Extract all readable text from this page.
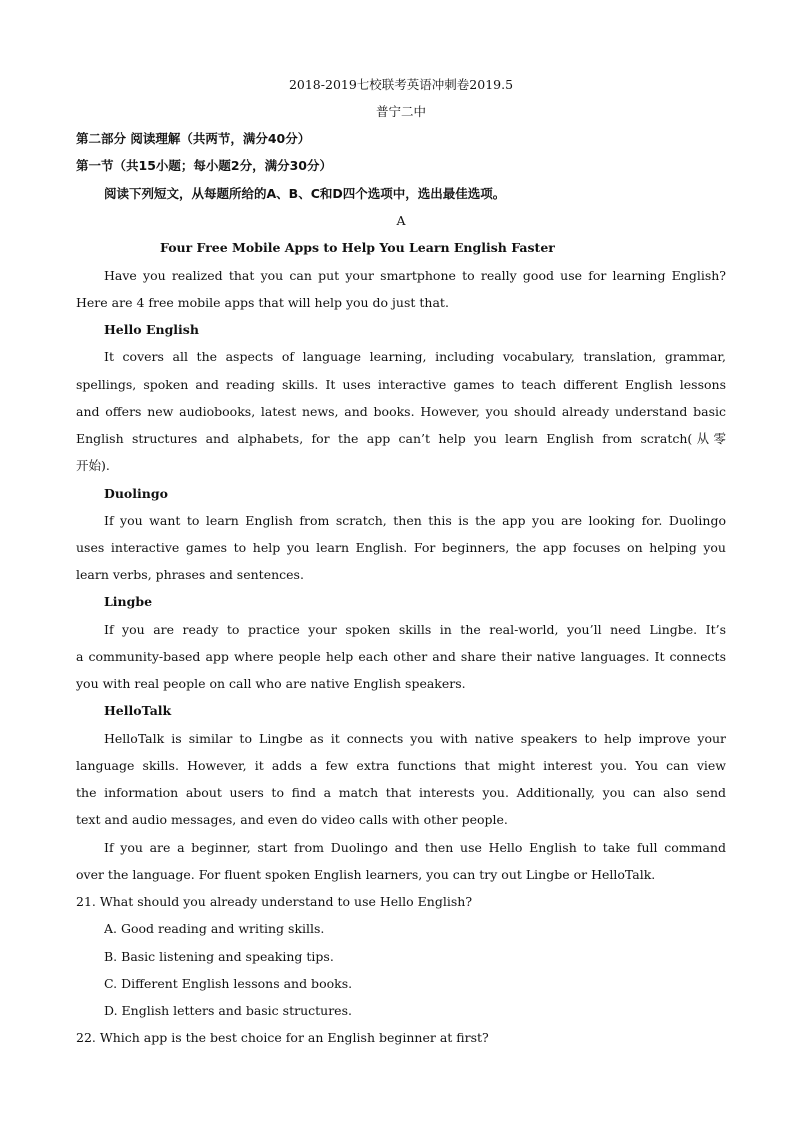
2018-2019七校联考英语冲刺卷2019.5
普宁二中
第二部分 阅读理解（共两节，满分40分）
第一节（共15小题；每小题2分，满分30分）
阅读下列短文，从每题所给的A、B、C和D四个选项中，选出最佳选项。
A
Four Free Mobile Apps to Help You Learn English Faster
Have you realized that you can put your smartphone to really good use for learning English?
Here are 4 free mobile apps that will help you do just that.
Hello English
It covers all the aspects of language learning, including vocabulary, translation, grammar,
spellings, spoken and reading skills. It uses interactive games to teach different English lessons
and offers new audiobooks, latest news, and books. However, you should already understand basic
English structures and alphabets, for the app can’t help you learn English from scratch(从零
开始).
Duolingo
If you want to learn English from scratch, then this is the app you are looking for. Duolingo
uses interactive games to help you learn English. For beginners, the app focuses on helping you
learn verbs, phrases and sentences.
Lingbe
If you are ready to practice your spoken skills in the real-world, you’ll need Lingbe. It’s
a community-based app where people help each other and share their native languages. It connects
you with real people on call who are native English speakers.
HelloTalk
HelloTalk is similar to Lingbe as it connects you with native speakers to help improve your
language skills. However, it adds a few extra functions that might interest you. You can view
the information about users to find a match that interests you. Additionally, you can also send
text and audio messages, and even do video calls with other people.
If you are a beginner, start from Duolingo and then use Hello English to take full command
over the language. For fluent spoken English learners, you can try out Lingbe or HelloTalk.
21. What should you already understand to use Hello English?
A. Good reading and writing skills.
B. Basic listening and speaking tips.
C. Different English lessons and books.
D. English letters and basic structures.
22. Which app is the best choice for an English beginner at first?
